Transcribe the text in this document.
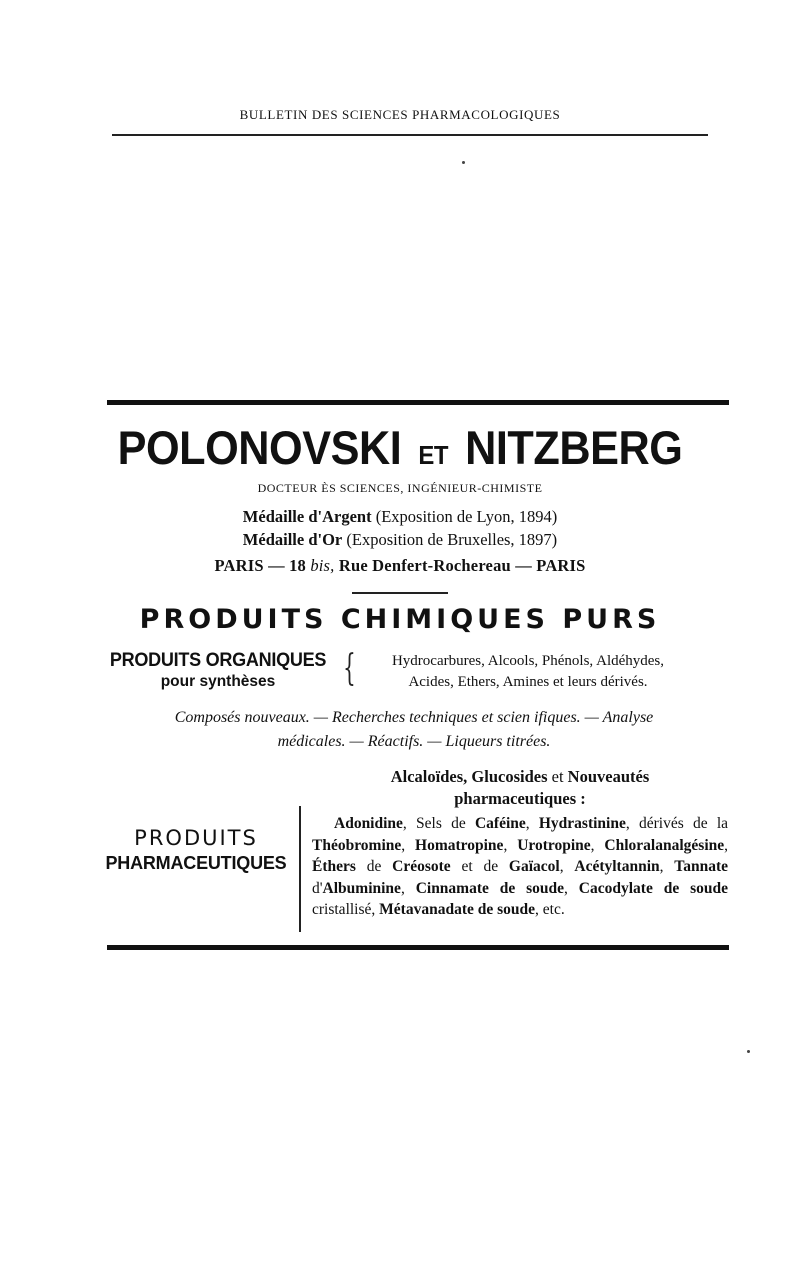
BULLETIN DES SCIENCES PHARMACOLOGIQUES
POLONOVSKI ET NITZBERG
DOCTEUR ÈS SCIENCES, INGÉNIEUR-CHIMISTE
Médaille d'Argent (Exposition de Lyon, 1894)
Médaille d'Or (Exposition de Bruxelles, 1897)
PARIS — 18 bis, Rue Denfert-Rochereau — PARIS
PRODUITS CHIMIQUES PURS
PRODUITS ORGANIQUES
pour synthèses	{	Hydrocarbures, Alcools, Phénols, Aldéhydes,
Acides, Ethers, Amines et leurs dérivés.
Composés nouveaux. — Recherches techniques et scien ifiques. — Analyse
médicales. — Réactifs. — Liqueurs titrées.
Alcaloïdes, Glucosides et Nouveautés
pharmaceutiques :
PRODUITS
PHARMACEUTIQUES
Adonidine, Sels de Caféine, Hydrastinine, dérivés de la Théobromine, Homatropine, Urotropine, Chloralanalgésine, Éthers de Créosote et de Gaïacol, Acétyltannin, Tannate d'Albuminine, Cinnamate de soude, Cacodylate de soude cristallisé, Métavanadate de soude, etc.
